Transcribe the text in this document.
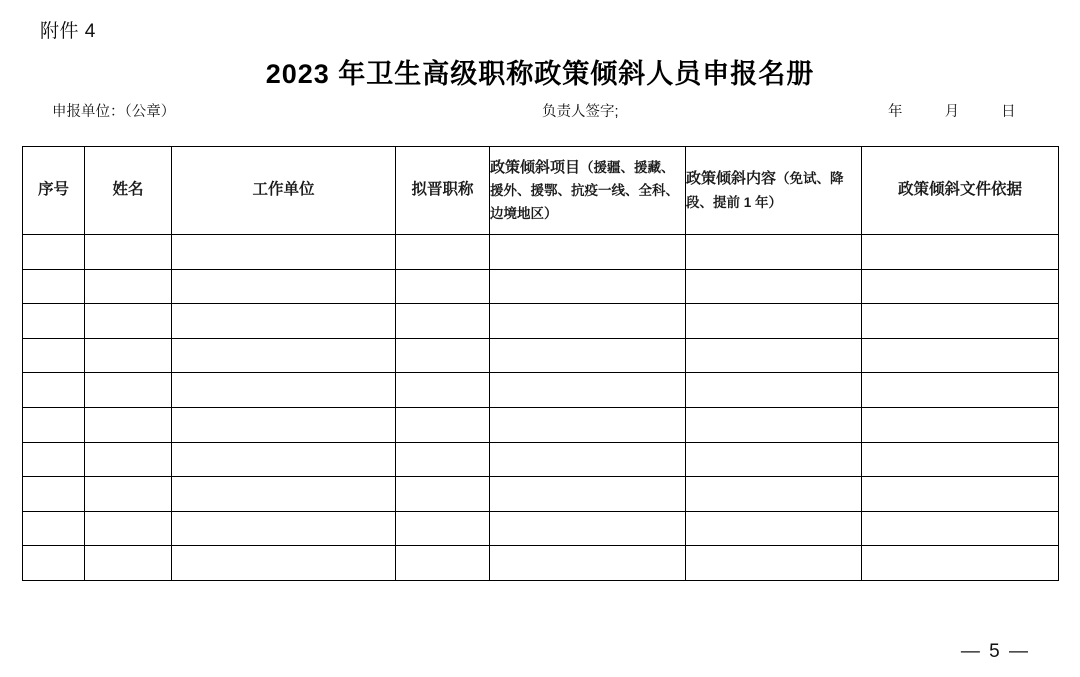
附件 4
2023 年卫生高级职称政策倾斜人员申报名册
申报单位：（公章）	负责人签字;	年	月	日
序号	姓名	工作单位	拟晋职称	政策倾斜项目（援疆、援藏、援外、援鄂、抗疫一线、全科、边境地区）	政策倾斜内容（免试、降段、提前 1 年）	政策倾斜文件依据

— 5 —
